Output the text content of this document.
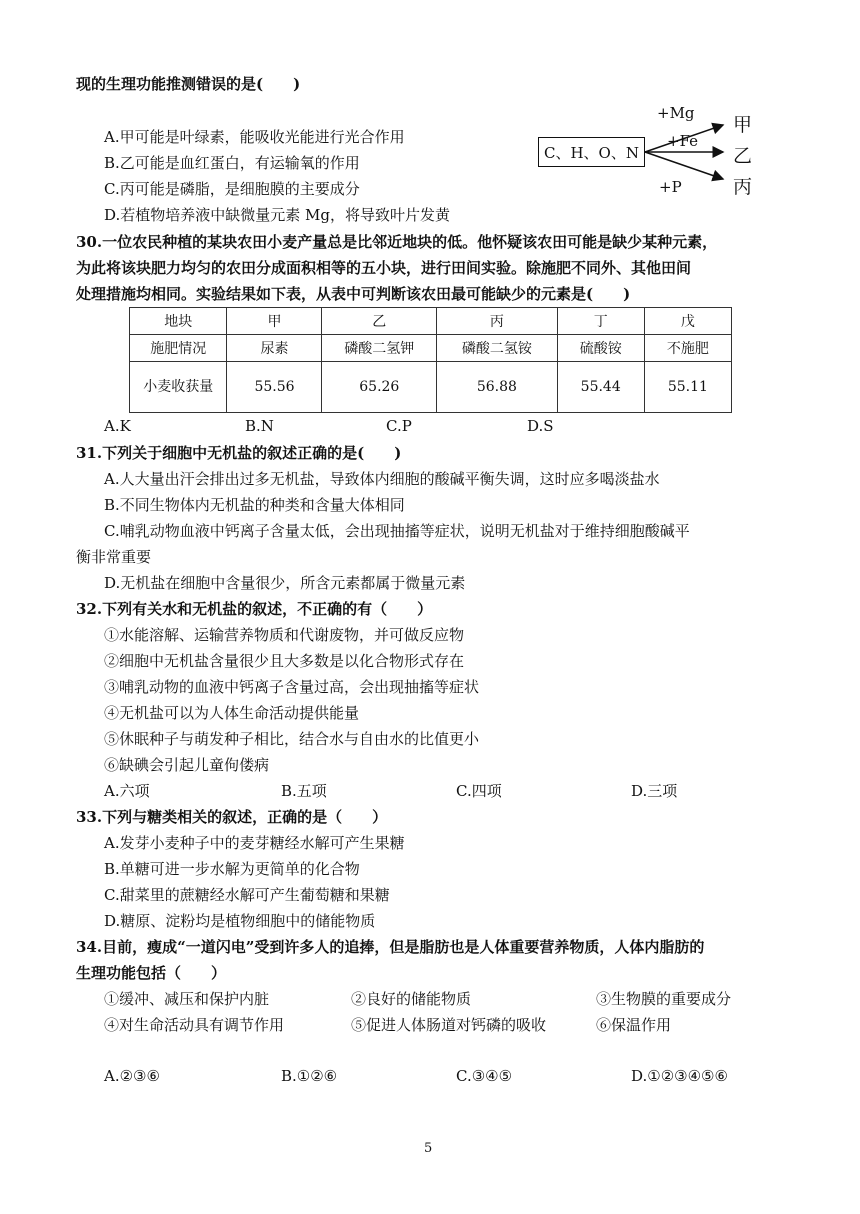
现的生理功能推测错误的是(　　)
A.甲可能是叶绿素，能吸收光能进行光合作用
B.乙可能是血红蛋白，有运输氧的作用
C.丙可能是磷脂，是细胞膜的主要成分
D.若植物培养液中缺微量元素 Mg，将导致叶片发黄
C、H、O、N
+Mg
+Fe
+P
甲
乙
丙
30.一位农民种植的某块农田小麦产量总是比邻近地块的低。他怀疑该农田可能是缺少某种元素，
为此将该块肥力均匀的农田分成面积相等的五小块，进行田间实验。除施肥不同外、其他田间
处理措施均相同。实验结果如下表，从表中可判断该农田最可能缺少的元素是(　　)
地块	甲	乙	丙	丁	戊
施肥情况	尿素	磷酸二氢钾	磷酸二氢铵	硫酸铵	不施肥
小麦收获量	55.56	65.26	56.88	55.44	55.11
A.K	B.N	C.P	D.S
31.下列关于细胞中无机盐的叙述正确的是(　　)
A.人大量出汗会排出过多无机盐，导致体内细胞的酸碱平衡失调，这时应多喝淡盐水
B.不同生物体内无机盐的种类和含量大体相同
C.哺乳动物血液中钙离子含量太低，会出现抽搐等症状，说明无机盐对于维持细胞酸碱平
衡非常重要
D.无机盐在细胞中含量很少，所含元素都属于微量元素
32.下列有关水和无机盐的叙述，不正确的有（　　）
①水能溶解、运输营养物质和代谢废物，并可做反应物
②细胞中无机盐含量很少且大多数是以化合物形式存在
③哺乳动物的血液中钙离子含量过高，会出现抽搐等症状
④无机盐可以为人体生命活动提供能量
⑤休眠种子与萌发种子相比，结合水与自由水的比值更小
⑥缺碘会引起儿童佝偻病
A.六项	B.五项	C.四项	D.三项
33.下列与糖类相关的叙述，正确的是（　　）
A.发芽小麦种子中的麦芽糖经水解可产生果糖
B.单糖可进一步水解为更简单的化合物
C.甜菜里的蔗糖经水解可产生葡萄糖和果糖
D.糖原、淀粉均是植物细胞中的储能物质
34.目前，瘦成“一道闪电”受到许多人的追捧，但是脂肪也是人体重要营养物质，人体内脂肪的
生理功能包括（　　）
①缓冲、减压和保护内脏	②良好的储能物质	③生物膜的重要成分
④对生命活动具有调节作用	⑤促进人体肠道对钙磷的吸收	⑥保温作用
A.②③⑥	B.①②⑥	C.③④⑤	D.①②③④⑤⑥
5
